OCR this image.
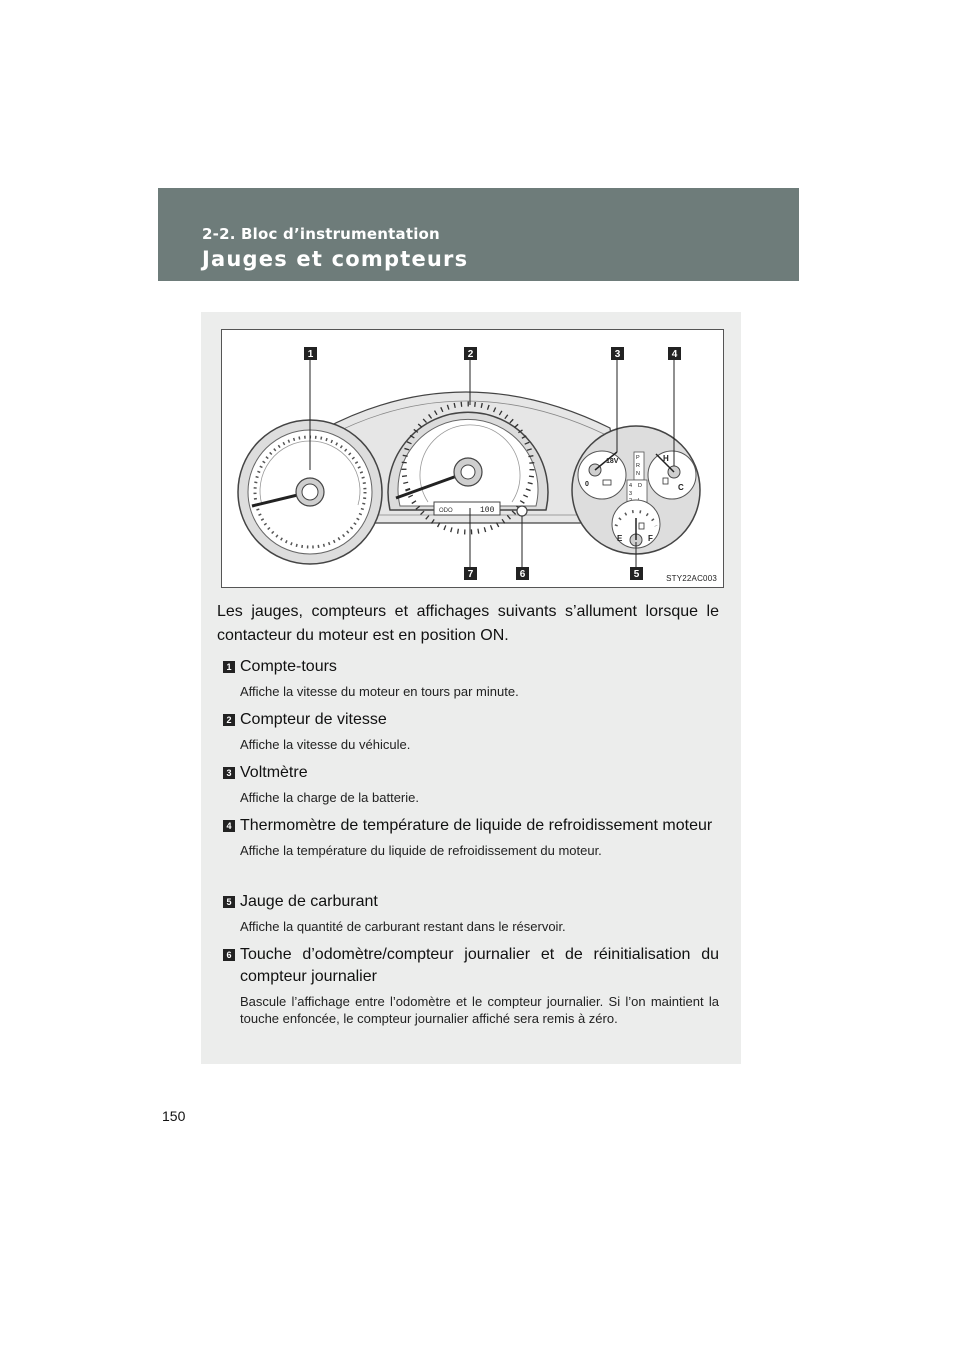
2-2. Bloc d’instrumentation
Jauges et compteurs
ODO	100
18V
0
P
R
N
D
4
3
H
C
E	F
1	2	3	4
7	6	5	STY22AC003
Les jauges, compteurs et affichages suivants s’allument lorsque le contacteur du moteur est en position ON.
1 Compte-tours
Affiche la vitesse du moteur en tours par minute.
2 Compteur de vitesse
Affiche la vitesse du véhicule.
3 Voltmètre
Affiche la charge de la batterie.
4 Thermomètre de température de liquide de refroidissement moteur
Affiche la température du liquide de refroidissement du moteur.
5 Jauge de carburant
Affiche la quantité de carburant restant dans le réservoir.
6 Touche d’odomètre/compteur journalier et de réinitialisation du compteur journalier
Bascule l’affichage entre l’odomètre et le compteur journalier. Si l’on maintient la touche enfoncée, le compteur journalier affiché sera remis à zéro.
150
